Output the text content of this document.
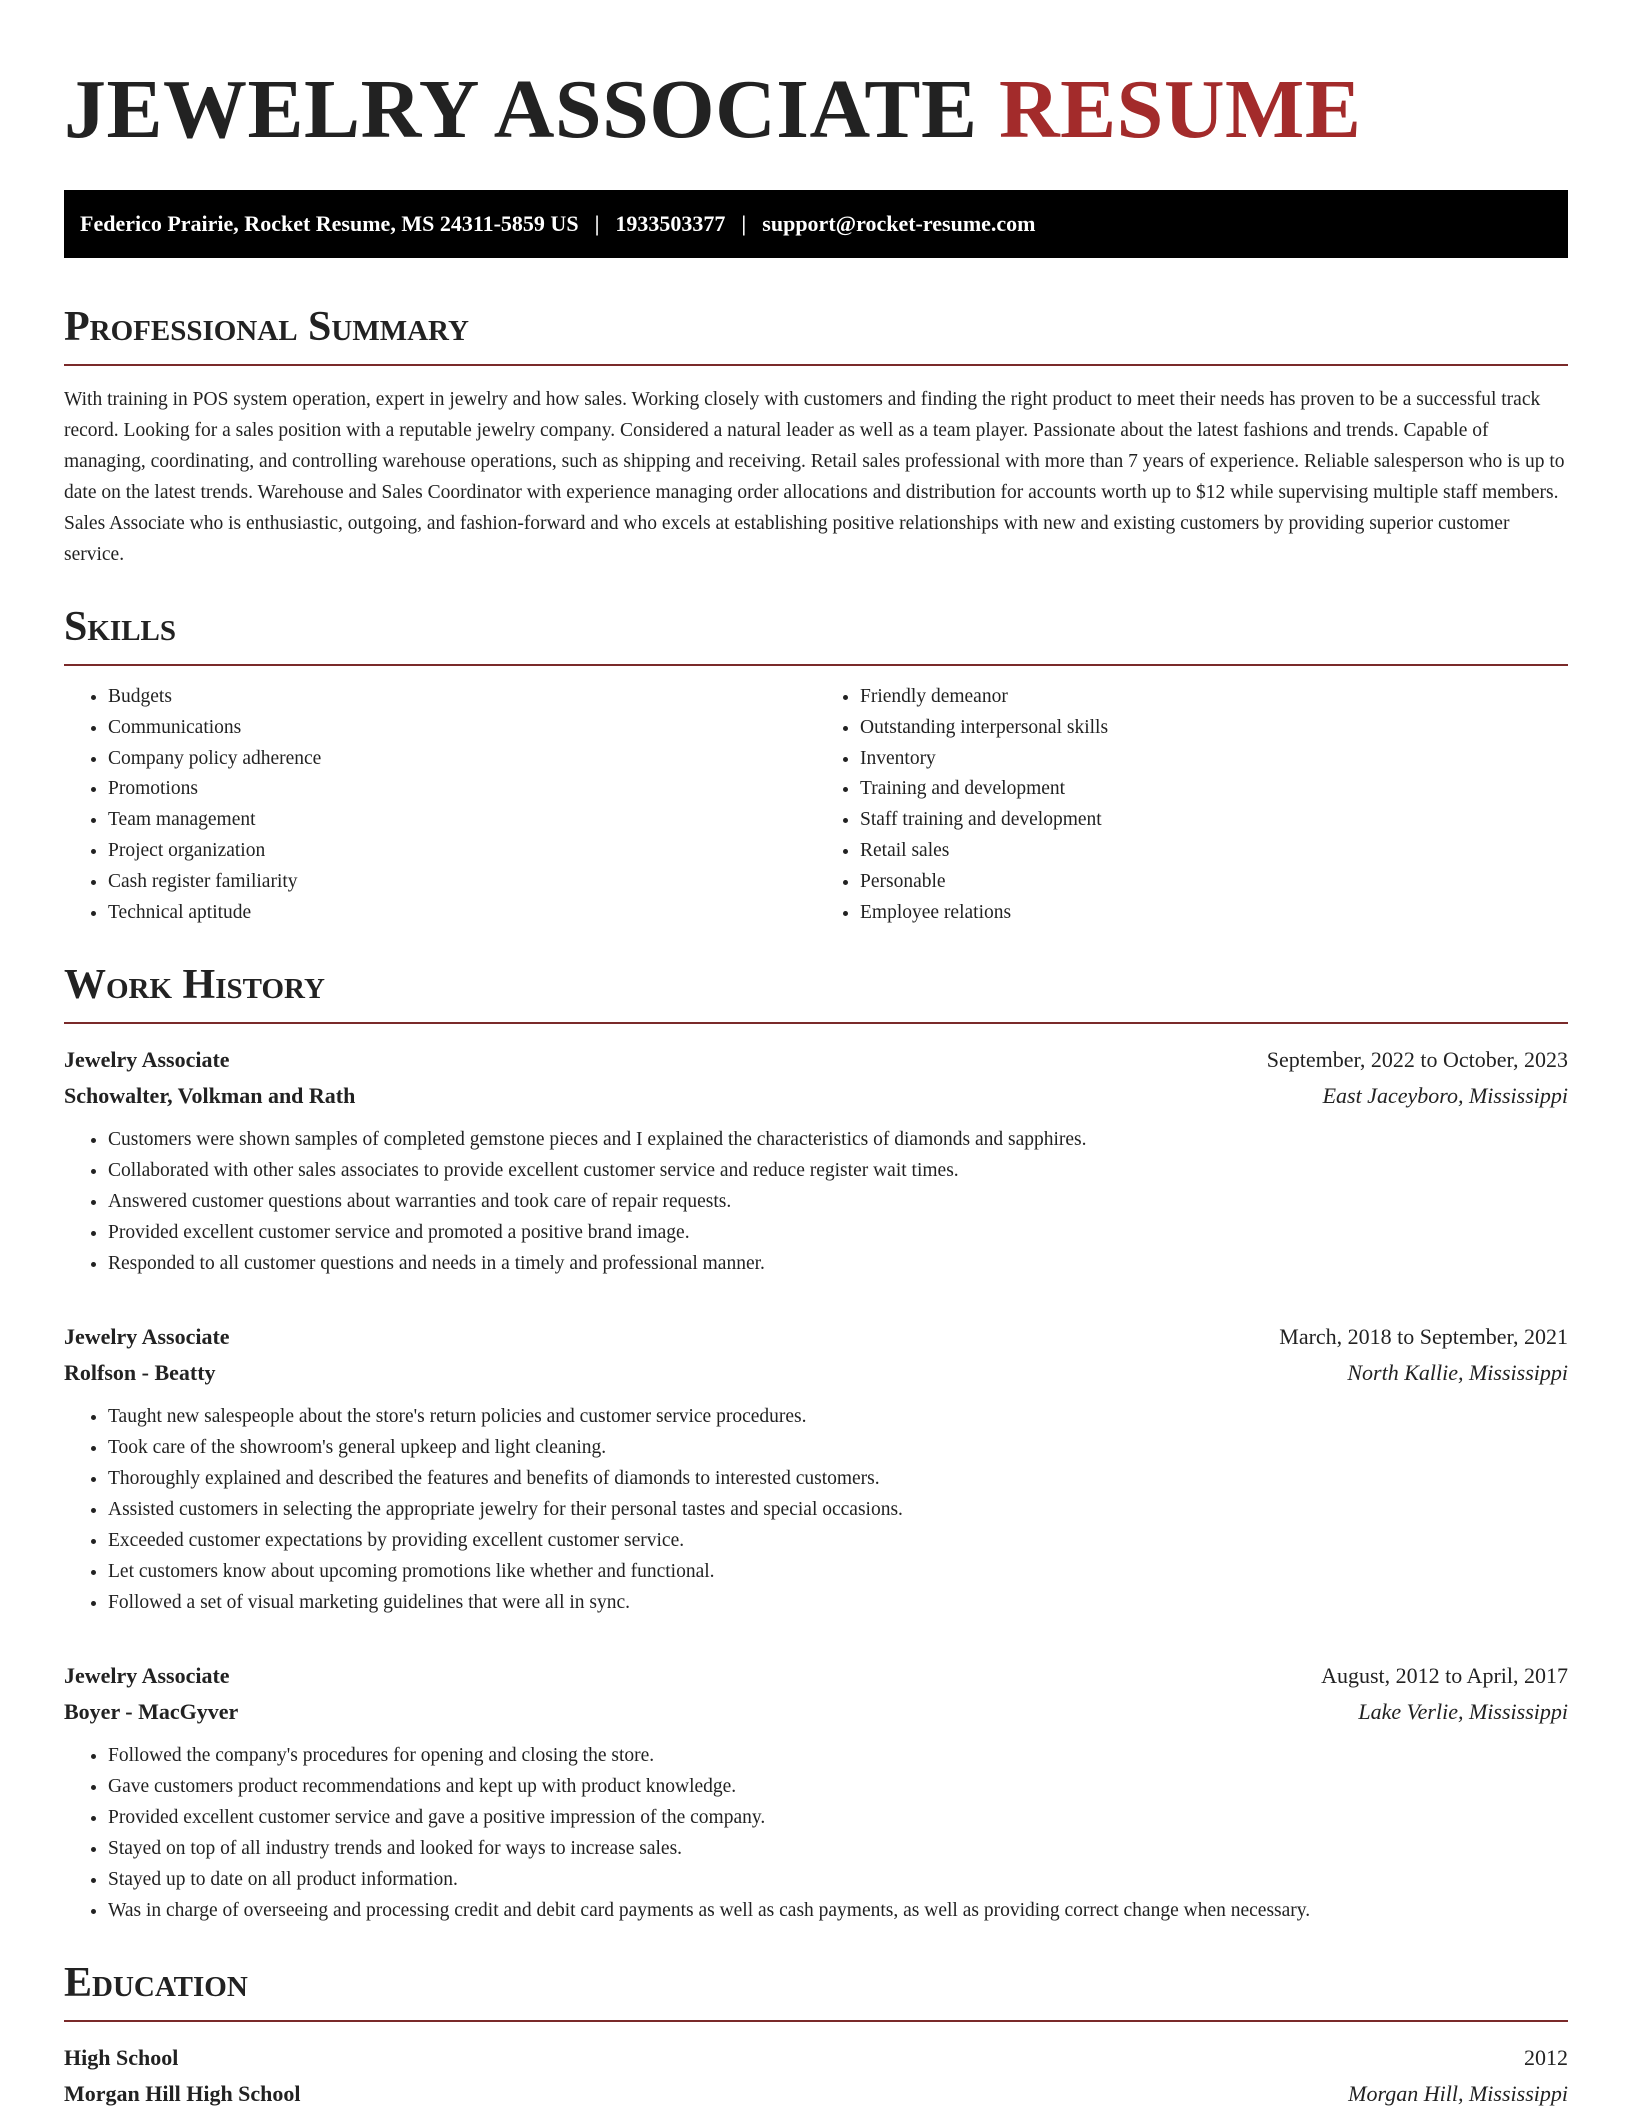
JEWELRY ASSOCIATE RESUME
Federico Prairie, Rocket Resume, MS 24311-5859 US | 1933503377 | support@rocket-resume.com
Professional Summary

With training in POS system operation, expert in jewelry and how sales. Working closely with customers and finding the right product to meet their needs has proven to be a successful track record. Looking for a sales position with a reputable jewelry company. Considered a natural leader as well as a team player. Passionate about the latest fashions and trends. Capable of managing, coordinating, and controlling warehouse operations, such as shipping and receiving. Retail sales professional with more than 7 years of experience. Reliable salesperson who is up to date on the latest trends. Warehouse and Sales Coordinator with experience managing order allocations and distribution for accounts worth up to $12 while supervising multiple staff members. Sales Associate who is enthusiastic, outgoing, and fashion-forward and who excels at establishing positive relationships with new and existing customers by providing superior customer service.

Skills
• Budgets
• Communications
• Company policy adherence
• Promotions
• Team management
• Project organization
• Cash register familiarity
• Technical aptitude
• Friendly demeanor
• Outstanding interpersonal skills
• Inventory
• Training and development
• Staff training and development
• Retail sales
• Personable
• Employee relations
Work History
Jewelry Associate	September, 2022 to October, 2023
Schowalter, Volkman and Rath	East Jaceyboro, Mississippi
• Customers were shown samples of completed gemstone pieces and I explained the characteristics of diamonds and sapphires.
• Collaborated with other sales associates to provide excellent customer service and reduce register wait times.
• Answered customer questions about warranties and took care of repair requests.
• Provided excellent customer service and promoted a positive brand image.
• Responded to all customer questions and needs in a timely and professional manner.
Jewelry Associate	March, 2018 to September, 2021
Rolfson - Beatty	North Kallie, Mississippi
• Taught new salespeople about the store's return policies and customer service procedures.
• Took care of the showroom's general upkeep and light cleaning.
• Thoroughly explained and described the features and benefits of diamonds to interested customers.
• Assisted customers in selecting the appropriate jewelry for their personal tastes and special occasions.
• Exceeded customer expectations by providing excellent customer service.
• Let customers know about upcoming promotions like whether and functional.
• Followed a set of visual marketing guidelines that were all in sync.
Jewelry Associate	August, 2012 to April, 2017
Boyer - MacGyver	Lake Verlie, Mississippi
• Followed the company's procedures for opening and closing the store.
• Gave customers product recommendations and kept up with product knowledge.
• Provided excellent customer service and gave a positive impression of the company.
• Stayed on top of all industry trends and looked for ways to increase sales.
• Stayed up to date on all product information.
• Was in charge of overseeing and processing credit and debit card payments as well as cash payments, as well as providing correct change when necessary.
Education
High School	2012
Morgan Hill High School	Morgan Hill, Mississippi
